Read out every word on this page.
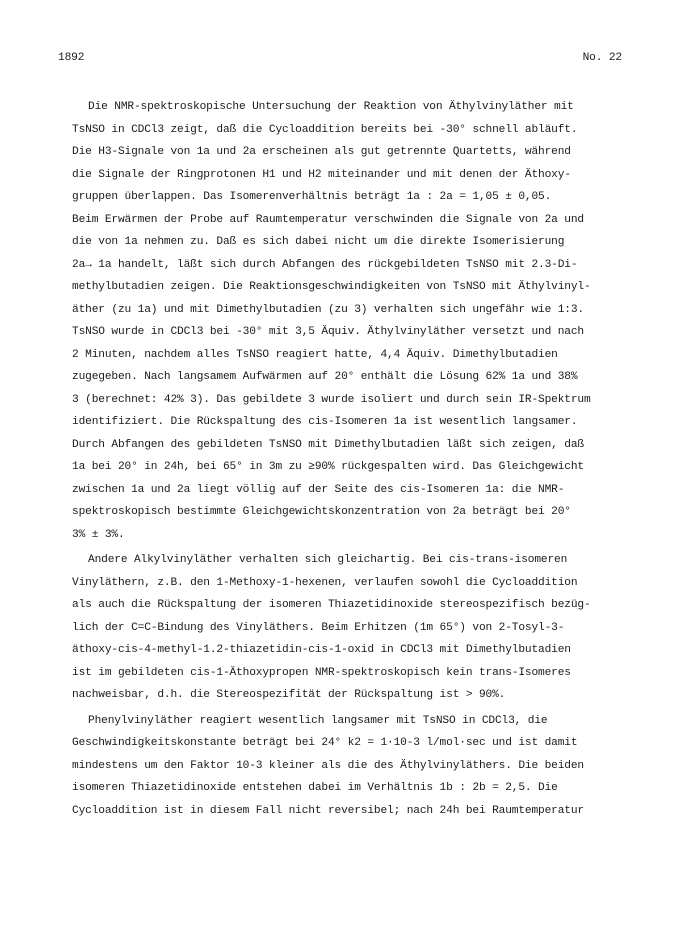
1892	No. 22
Die NMR-spektroskopische Untersuchung der Reaktion von Äthylvinyläther mit
TsNSO in CDCl3 zeigt, daß die Cycloaddition bereits bei -30° schnell abläuft.
Die H3-Signale von 1a und 2a erscheinen als gut getrennte Quartetts, während
die Signale der Ringprotonen H1 und H2 miteinander und mit denen der Äthoxy-
gruppen überlappen. Das Isomerenverhältnis beträgt 1a : 2a = 1,05 ± 0,05.
Beim Erwärmen der Probe auf Raumtemperatur verschwinden die Signale von 2a und
die von 1a nehmen zu. Daß es sich dabei nicht um die direkte Isomerisierung
2a→ 1a handelt, läßt sich durch Abfangen des rückgebildeten TsNSO mit 2.3-Di-
methylbutadien zeigen. Die Reaktionsgeschwindigkeiten von TsNSO mit Äthylvinyl-
äther (zu 1a) und mit Dimethylbutadien (zu 3) verhalten sich ungefähr wie 1:3.
TsNSO wurde in CDCl3 bei -30° mit 3,5 Äquiv. Äthylvinyläther versetzt und nach
2 Minuten, nachdem alles TsNSO reagiert hatte, 4,4 Äquiv. Dimethylbutadien
zugegeben. Nach langsamem Aufwärmen auf 20° enthält die Lösung 62% 1a und 38%
3 (berechnet: 42% 3). Das gebildete 3 wurde isoliert und durch sein IR-Spektrum
identifiziert. Die Rückspaltung des cis-Isomeren 1a ist wesentlich langsamer.
Durch Abfangen des gebildeten TsNSO mit Dimethylbutadien läßt sich zeigen, daß
1a bei 20° in 24h, bei 65° in 3m zu ≥90% rückgespalten wird. Das Gleichgewicht
zwischen 1a und 2a liegt völlig auf der Seite des cis-Isomeren 1a: die NMR-
spektroskopisch bestimmte Gleichgewichtskonzentration von 2a beträgt bei 20°
3% ± 3%.
Andere Alkylvinyläther verhalten sich gleichartig. Bei cis-trans-isomeren
Vinyläthern, z.B. den 1-Methoxy-1-hexenen, verlaufen sowohl die Cycloaddition
als auch die Rückspaltung der isomeren Thiazetidinoxide stereospezifisch bezüg-
lich der C=C-Bindung des Vinyläthers. Beim Erhitzen (1m 65°) von 2-Tosyl-3-
äthoxy-cis-4-methyl-1.2-thiazetidin-cis-1-oxid in CDCl3 mit Dimethylbutadien
ist im gebildeten cis-1-Äthoxypropen NMR-spektroskopisch kein trans-Isomeres
nachweisbar, d.h. die Stereospezifität der Rückspaltung ist > 90%.
Phenylvinyläther reagiert wesentlich langsamer mit TsNSO in CDCl3, die
Geschwindigkeitskonstante beträgt bei 24° k2 = 1·10-3 l/mol·sec und ist damit
mindestens um den Faktor 10-3 kleiner als die des Äthylvinyläthers. Die beiden
isomeren Thiazetidinoxide entstehen dabei im Verhältnis 1b : 2b = 2,5. Die
Cycloaddition ist in diesem Fall nicht reversibel; nach 24h bei Raumtemperatur
